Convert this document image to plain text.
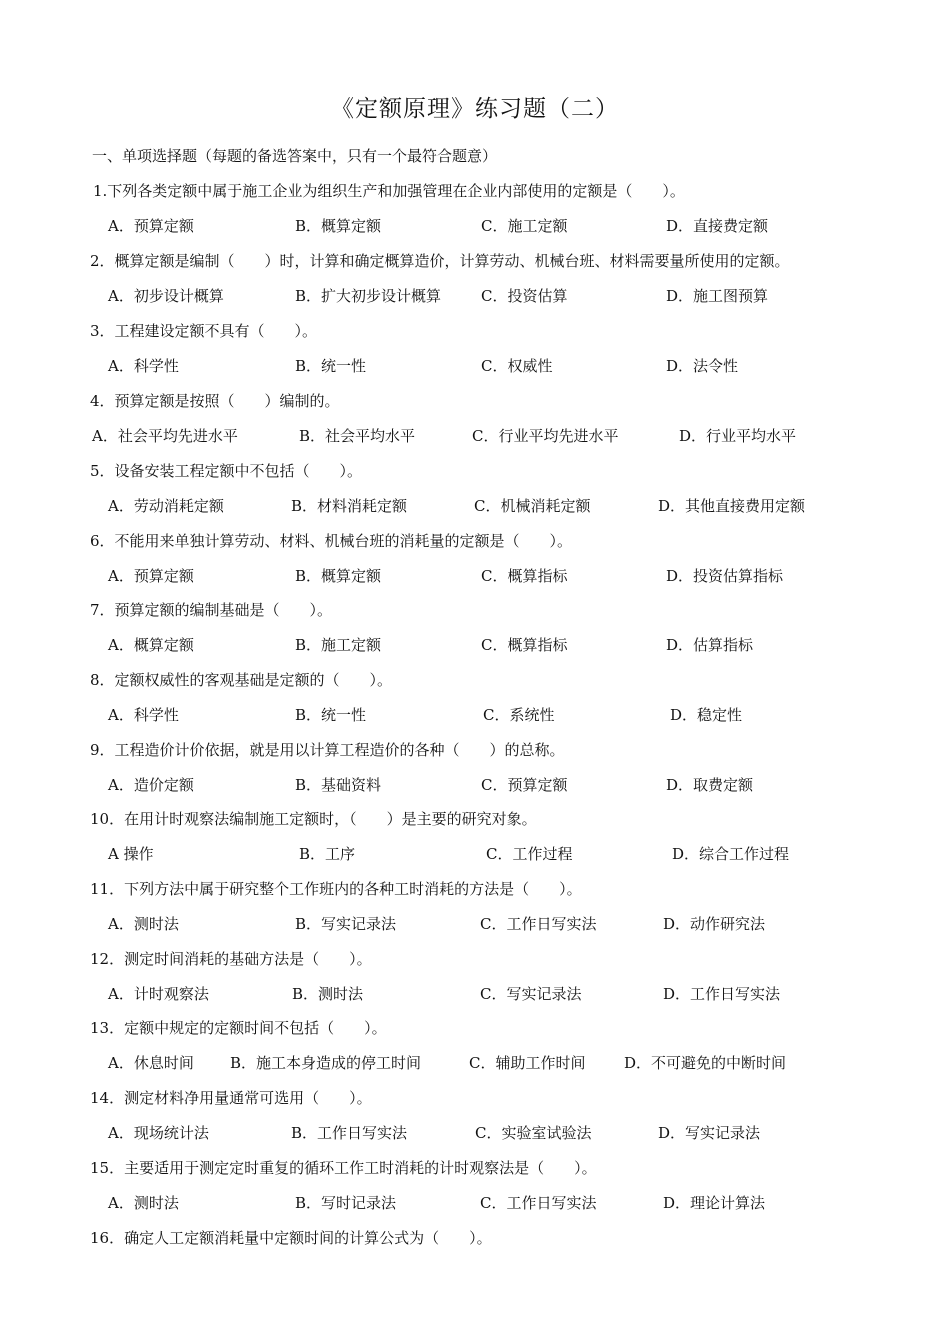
《定额原理》练习题（二）
一、单项选择题（每题的备选答案中，只有一个最符合题意）
1.下列各类定额中属于施工企业为组织生产和加强管理在企业内部使用的定额是（　　）。
A．预算定额	B．概算定额	C．施工定额	D．直接费定额
2．概算定额是编制（　　）时，计算和确定概算造价，计算劳动、机械台班、材料需要量所使用的定额。
A．初步设计概算	B．扩大初步设计概算	C．投资估算	D．施工图预算
3．工程建设定额不具有（　　）。
A．科学性	B．统一性	C．权威性	D．法令性
4．预算定额是按照（　　）编制的。
A．社会平均先进水平	B．社会平均水平	C．行业平均先进水平	D．行业平均水平
5．设备安装工程定额中不包括（　　）。
A．劳动消耗定额	B．材料消耗定额	C．机械消耗定额	D．其他直接费用定额
6．不能用来单独计算劳动、材料、机械台班的消耗量的定额是（　　）。
A．预算定额	B．概算定额	C．概算指标	D．投资估算指标
7．预算定额的编制基础是（　　）。
A．概算定额	B．施工定额	C．概算指标	D．估算指标
8．定额权威性的客观基础是定额的（　　）。
A．科学性	B．统一性	C．系统性	D．稳定性
9．工程造价计价依据，就是用以计算工程造价的各种（　　）的总称。
A．造价定额	B．基础资料	C．预算定额	D．取费定额
10．在用计时观察法编制施工定额时，（　　）是主要的研究对象。
A 操作	B．工序	C．工作过程	D．综合工作过程
11．下列方法中属于研究整个工作班内的各种工时消耗的方法是（　　）。
A．测时法	B．写实记录法	C．工作日写实法	D．动作研究法
12．测定时间消耗的基础方法是（　　）。
A．计时观察法	B．测时法	C．写实记录法	D．工作日写实法
13．定额中规定的定额时间不包括（　　）。
A．休息时间 B．施工本身造成的停工时间	C．辅助工作时间	D．不可避免的中断时间
14．测定材料净用量通常可选用（　　）。
A．现场统计法	B．工作日写实法	C．实验室试验法	D．写实记录法
15．主要适用于测定定时重复的循环工作工时消耗的计时观察法是（　　）。
A．测时法	B．写时记录法	C．工作日写实法	D．理论计算法
16．确定人工定额消耗量中定额时间的计算公式为（　　）。
